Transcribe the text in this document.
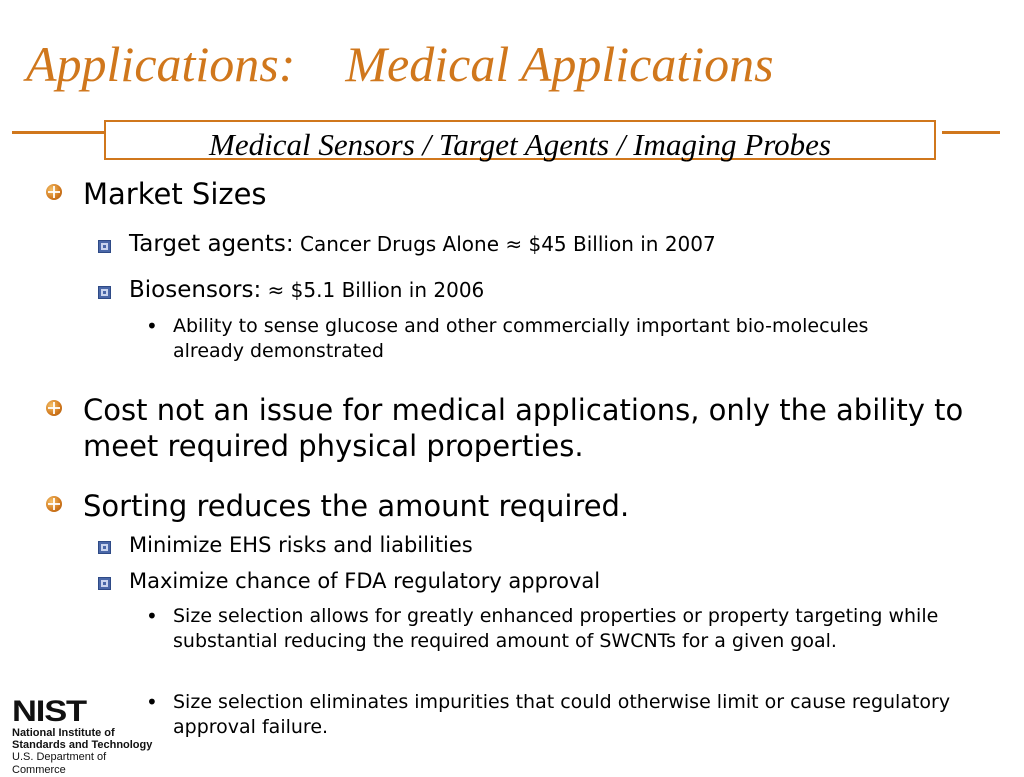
Applications:    Medical Applications
Medical Sensors / Target Agents / Imaging Probes
Market Sizes
Target agents: Cancer Drugs Alone ≈ $45 Billion in 2007
Biosensors: ≈ $5.1 Billion in 2006
• Ability to sense glucose and other commercially important bio-molecules already demonstrated
Cost not an issue for medical applications, only the ability to meet required physical properties.
Sorting reduces the amount required.
Minimize EHS risks and liabilities
Maximize chance of FDA regulatory approval
• Size selection allows for greatly enhanced properties or property targeting while substantial reducing the required amount of SWCNTs for a given goal.
• Size selection eliminates impurities that could otherwise limit or cause regulatory approval failure.
NIST
National Institute of
Standards and Technology
U.S. Department of Commerce
